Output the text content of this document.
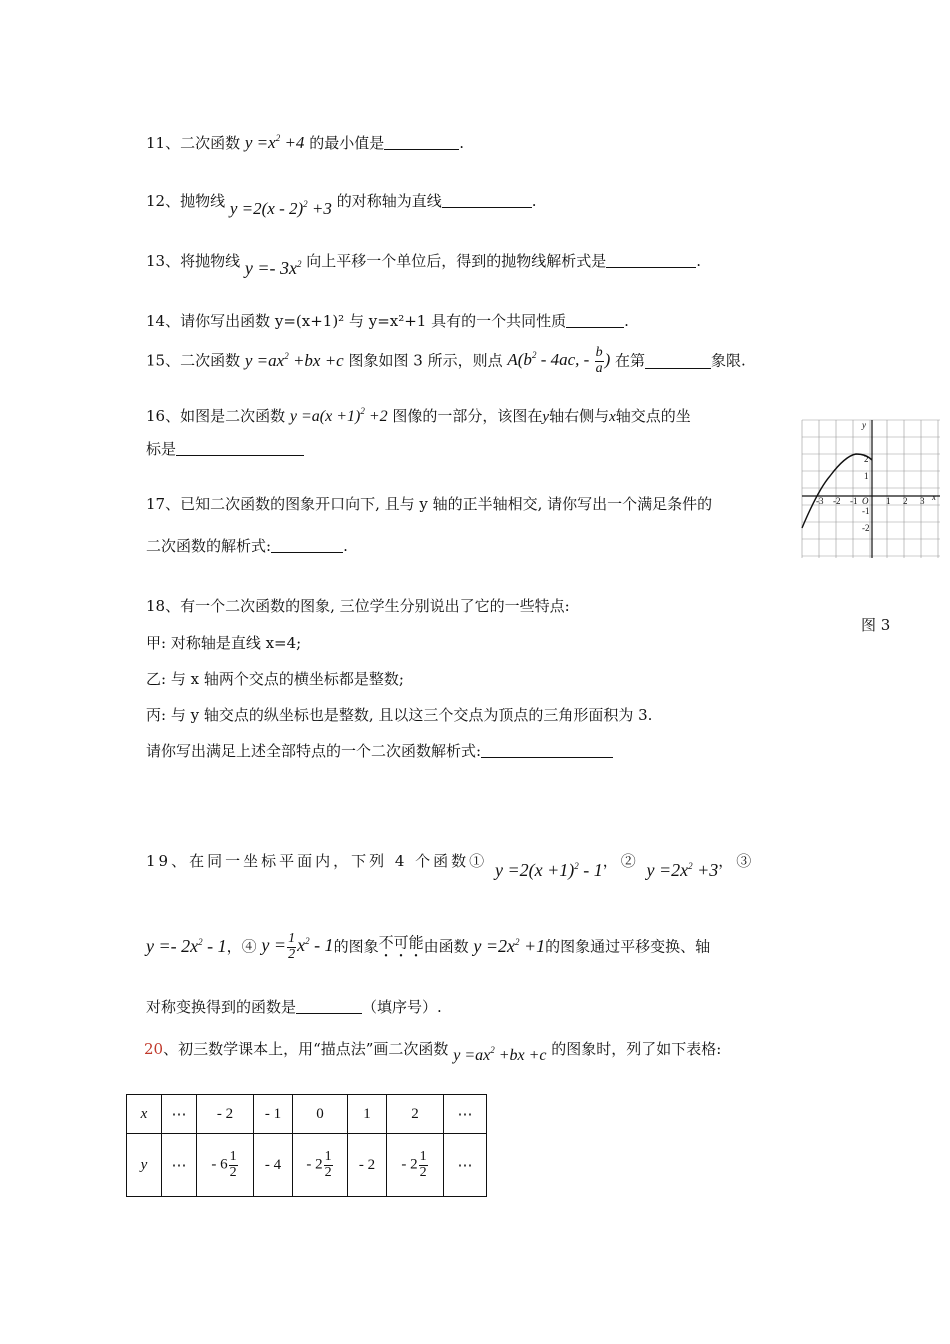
11、二次函数 $y =x^2 +4$ 的最小值是	.
12、抛物线 y =2(x - 2)$^2$ +3 的对称轴为直线	.
13、将抛物线 $y =- 3x^2$ 向上平移一个单位后，得到的抛物线解析式是	.
14、请你写出函数 y=(x+1)² 与 y=x²+1 具有的一个共同性质	.
15、二次函数 $y =ax^2 +bx +c$ 图象如图 3 所示，则点 $A(b^2 - 4ac$, - $\frac{b}{a}$ ) 在第	象限.
16、如图是二次函数 $y =a(x +1)^2 +2$ 图像的一部分，该图在y轴右侧与x轴交点的坐
标是
17、已知二次函数的图象开口向下, 且与 y 轴的正半轴相交, 请你写出一个满足条件的
二次函数的解析式:	.
y
x
O
-3 -2 -1	1 2 3
2
1
-1
-2
图 3
18、有一个二次函数的图象, 三位学生分别说出了它的一些特点:
甲: 对称轴是直线 x=4;
乙: 与 x 轴两个交点的横坐标都是整数;
丙: 与 y 轴交点的纵坐标也是整数, 且以这三个交点为顶点的三角形面积为 3.
请你写出满足上述全部特点的一个二次函数解析式:
19、在同一坐标平面内，下列 4 个函数① $y =2(x +1)^2 - 1$，② $y =2x^2 +3$，③
$y =- 2x^2 - 1$，④ $y = \frac{1}{2} x^2 - 1$的图象不可能由函数 $y =2x^2 +1$的图象通过平移变换、轴
对称变换得到的函数是	（填序号）.
20、初三数学课本上，用“描点法”画二次函数 $y =ax^2 +bx +c$ 的图象时，列了如下表格:
x	⋯	- 2	- 1	0	1	2	⋯
y	⋯	- $6 \frac{1}{2}$	- 4	- $2 \frac{1}{2}$	- 2	- $2 \frac{1}{2}$	⋯
